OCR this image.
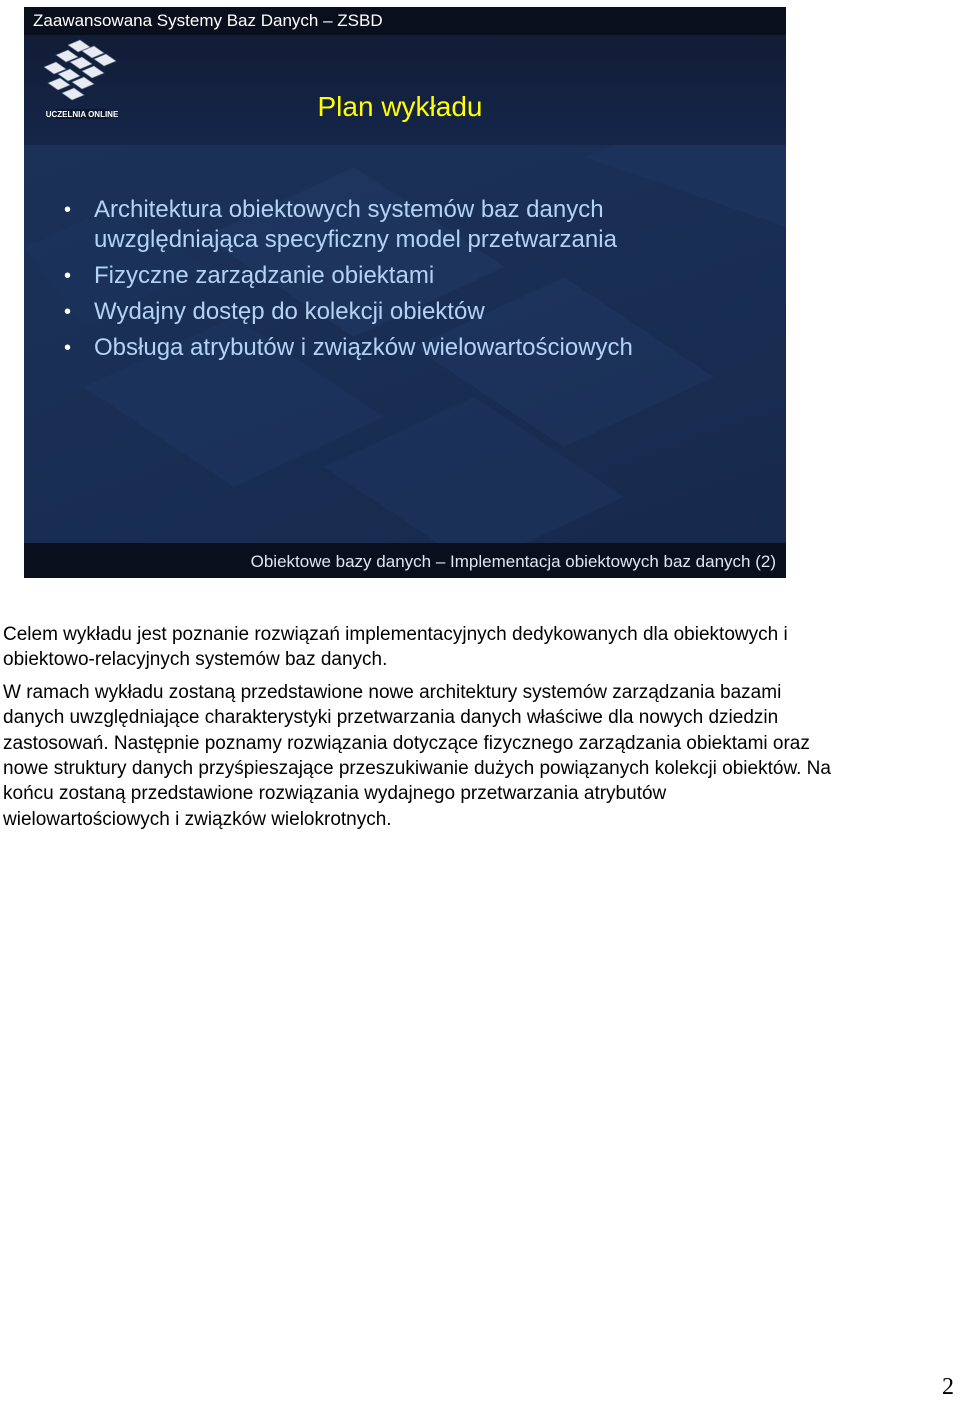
Zaawansowana Systemy Baz Danych – ZSBD
UCZELNIA ONLINE	Plan wykładu
• Architektura obiektowych systemów baz danych uwzględniająca specyficzny model przetwarzania
• Fizyczne zarządzanie obiektami
• Wydajny dostęp do kolekcji obiektów
• Obsługa atrybutów i związków wielowartościowych
Obiektowe bazy danych – Implementacja obiektowych baz danych (2)

Celem wykładu jest poznanie rozwiązań implementacyjnych dedykowanych dla obiektowych i obiektowo-relacyjnych systemów baz danych.

W ramach wykładu zostaną przedstawione nowe architektury systemów zarządzania bazami danych uwzględniające charakterystyki przetwarzania danych właściwe dla nowych dziedzin zastosowań. Następnie poznamy rozwiązania dotyczące fizycznego zarządzania obiektami oraz nowe struktury danych przyśpieszające przeszukiwanie dużych powiązanych kolekcji obiektów. Na końcu zostaną przedstawione rozwiązania wydajnego przetwarzania atrybutów wielowartościowych i związków wielokrotnych.

2
